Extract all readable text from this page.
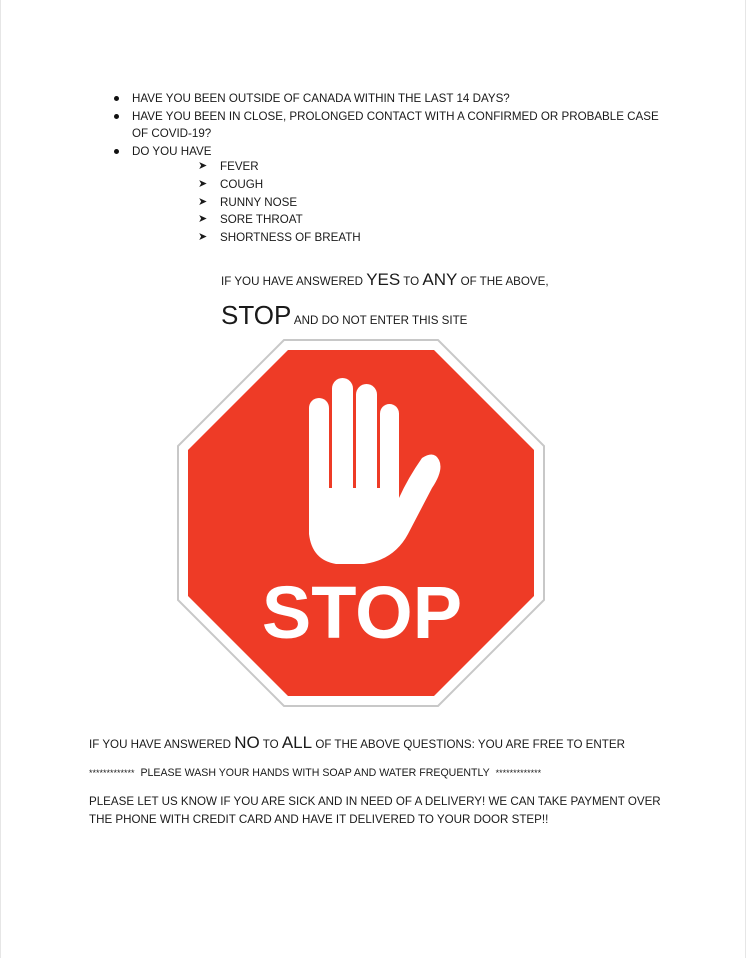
HAVE YOU BEEN OUTSIDE OF CANADA WITHIN THE LAST 14 DAYS?
HAVE YOU BEEN IN CLOSE, PROLONGED CONTACT WITH A CONFIRMED OR PROBABLE CASE OF COVID-19?
DO YOU HAVE
➤ FEVER
➤ COUGH
➤ RUNNY NOSE
➤ SORE THROAT
➤ SHORTNESS OF BREATH
IF YOU HAVE ANSWERED YES TO ANY OF THE ABOVE,
STOP AND DO NOT ENTER THIS SITE
STOP
IF YOU HAVE ANSWERED NO TO ALL OF THE ABOVE QUESTIONS: YOU ARE FREE TO ENTER
************* PLEASE WASH YOUR HANDS WITH SOAP AND WATER FREQUENTLY *************
PLEASE LET US KNOW IF YOU ARE SICK AND IN NEED OF A DELIVERY! WE CAN TAKE PAYMENT OVER THE PHONE WITH CREDIT CARD AND HAVE IT DELIVERED TO YOUR DOOR STEP!!
